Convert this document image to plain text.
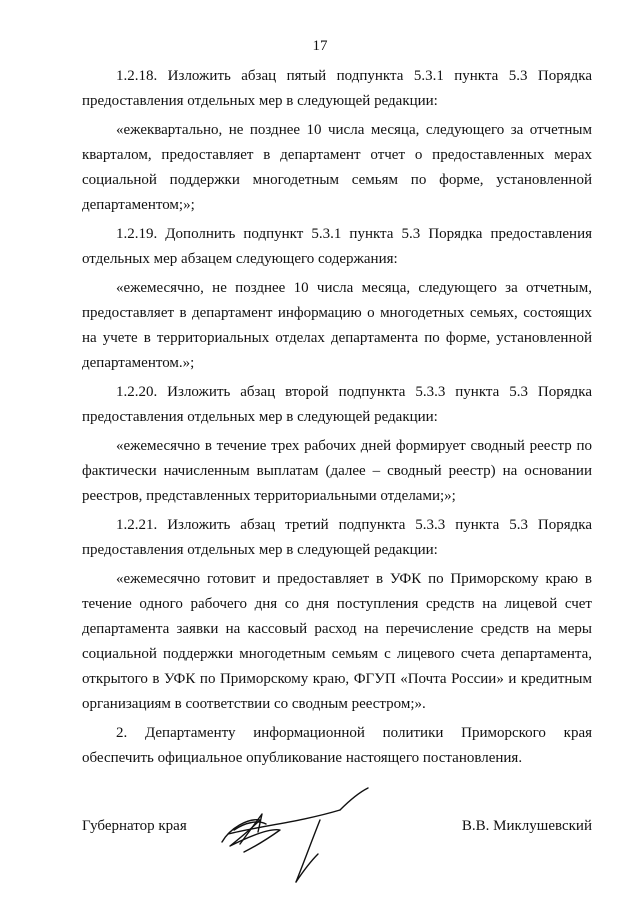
17

1.2.18. Изложить абзац пятый подпункта 5.3.1 пункта 5.3 Порядка предоставления отдельных мер в следующей редакции:

«ежеквартально, не позднее 10 числа месяца, следующего за отчетным кварталом, предоставляет в департамент отчет о предоставленных мерах социальной поддержки многодетным семьям по форме, установленной департаментом;»;

1.2.19. Дополнить подпункт 5.3.1 пункта 5.3 Порядка предоставления отдельных мер абзацем следующего содержания:

«ежемесячно, не позднее 10 числа месяца, следующего за отчетным, предоставляет в департамент информацию о многодетных семьях, состоящих на учете в территориальных отделах департамента по форме, установленной департаментом.»;

1.2.20. Изложить абзац второй подпункта 5.3.3 пункта 5.3 Порядка предоставления отдельных мер в следующей редакции:

«ежемесячно в течение трех рабочих дней формирует сводный реестр по фактически начисленным выплатам (далее – сводный реестр) на основании реестров, представленных территориальными отделами;»;

1.2.21. Изложить абзац третий подпункта 5.3.3 пункта 5.3 Порядка предоставления отдельных мер в следующей редакции:

«ежемесячно готовит и предоставляет в УФК по Приморскому краю в течение одного рабочего дня со дня поступления средств на лицевой счет департамента заявки на кассовый расход на перечисление средств на меры социальной поддержки многодетным семьям с лицевого счета департамента, открытого в УФК по Приморскому краю, ФГУП «Почта России» и кредитным организациям в соответствии со сводным реестром;».

2. Департаменту информационной политики Приморского края обеспечить официальное опубликование настоящего постановления.

Губернатор края	В.В. Миклушевский
